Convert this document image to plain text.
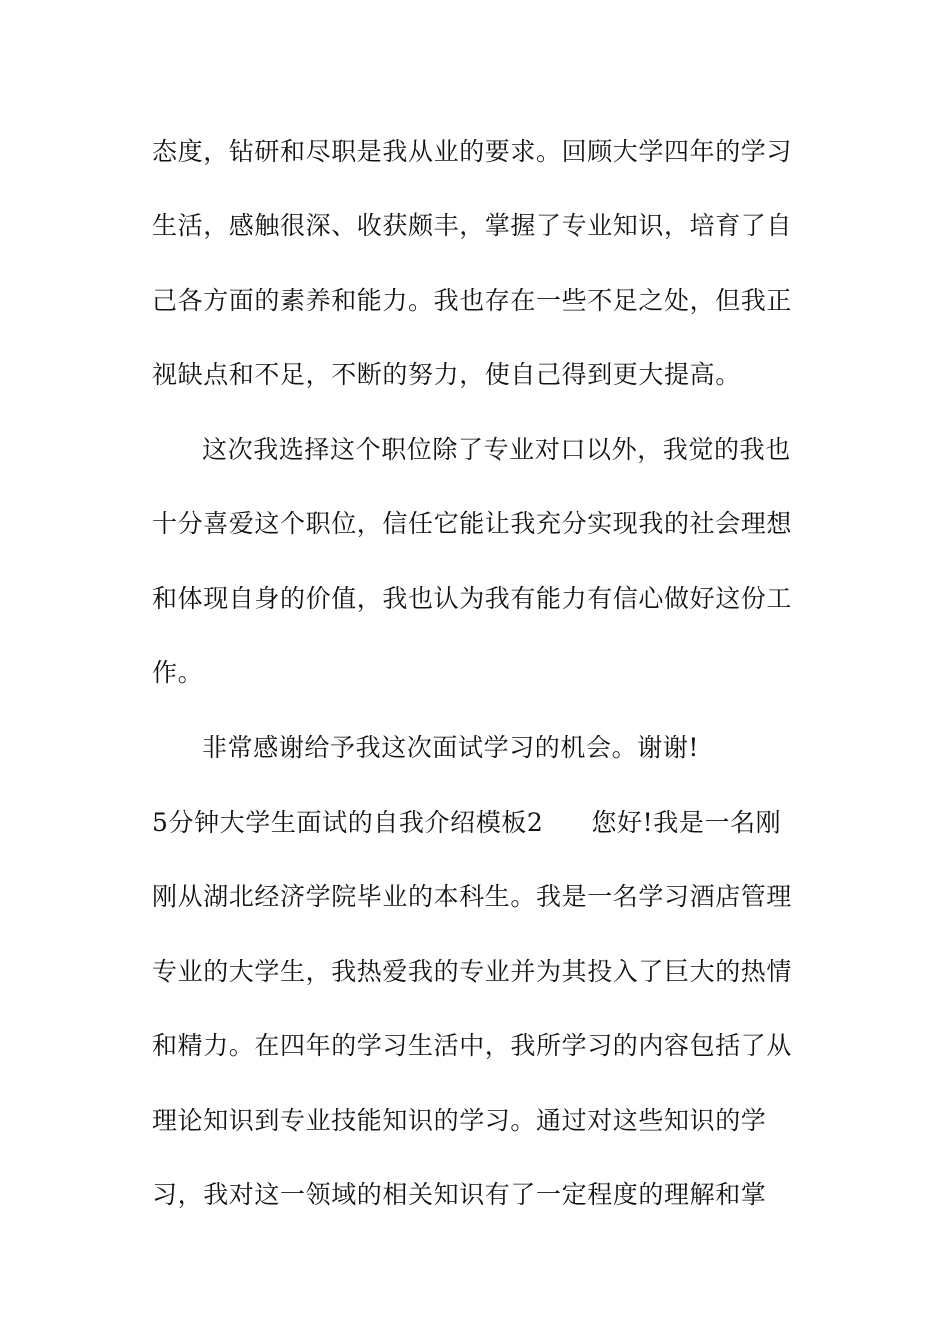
态度，钻研和尽职是我从业的要求。回顾大学四年的学习
生活，感触很深、收获颇丰，掌握了专业知识，培育了自
己各方面的素养和能力。我也存在一些不足之处，但我正
视缺点和不足，不断的努力，使自己得到更大提高。
这次我选择这个职位除了专业对口以外，我觉的我也
十分喜爱这个职位，信任它能让我充分实现我的社会理想
和体现自身的价值，我也认为我有能力有信心做好这份工
作。
非常感谢给予我这次面试学习的机会。谢谢!
5分钟大学生面试的自我介绍模板2 您好!我是一名刚
刚从湖北经济学院毕业的本科生。我是一名学习酒店管理
专业的大学生，我热爱我的专业并为其投入了巨大的热情
和精力。在四年的学习生活中，我所学习的内容包括了从
理论知识到专业技能知识的学习。通过对这些知识的学
习，我对这一领域的相关知识有了一定程度的理解和掌
